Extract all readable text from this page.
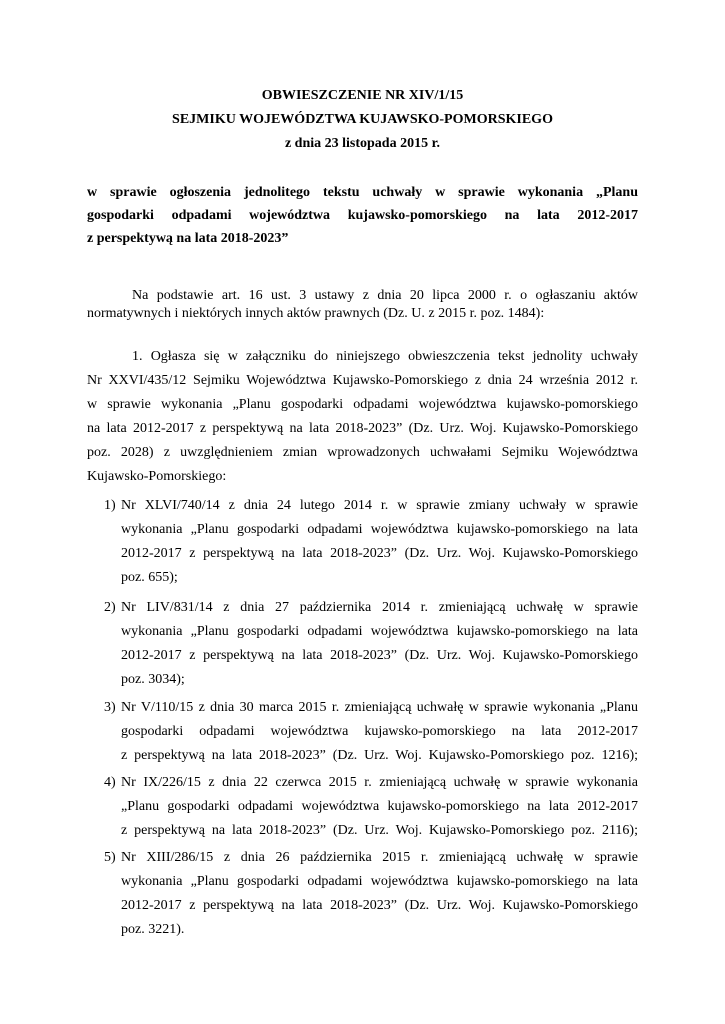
OBWIESZCZENIE NR XIV/1/15
SEJMIKU WOJEWÓDZTWA KUJAWSKO-POMORSKIEGO
z dnia 23 listopada 2015 r.
w sprawie ogłoszenia jednolitego tekstu uchwały w sprawie wykonania „Planu
gospodarki odpadami województwa kujawsko-pomorskiego na lata 2012-2017
z perspektywą na lata 2018-2023”
Na podstawie art. 16 ust. 3 ustawy z dnia 20 lipca 2000 r. o ogłaszaniu aktów normatywnych i niektórych innych aktów prawnych (Dz. U. z 2015 r. poz. 1484):
1. Ogłasza się w załączniku do niniejszego obwieszczenia tekst jednolity uchwały
Nr XXVI/435/12 Sejmiku Województwa Kujawsko-Pomorskiego z dnia 24 września 2012 r.
w sprawie wykonania „Planu gospodarki odpadami województwa kujawsko-pomorskiego
na lata 2012-2017 z perspektywą na lata 2018-2023” (Dz. Urz. Woj. Kujawsko-Pomorskiego
poz. 2028) z uwzględnieniem zmian wprowadzonych uchwałami Sejmiku Województwa
Kujawsko-Pomorskiego:
1) Nr XLVI/740/14 z dnia 24 lutego 2014 r. w sprawie zmiany uchwały w sprawie
wykonania „Planu gospodarki odpadami województwa kujawsko-pomorskiego na lata
2012-2017 z perspektywą na lata 2018-2023” (Dz. Urz. Woj. Kujawsko-Pomorskiego
poz. 655);
2) Nr LIV/831/14 z dnia 27 października 2014 r. zmieniającą uchwałę w sprawie
wykonania „Planu gospodarki odpadami województwa kujawsko-pomorskiego na lata
2012-2017 z perspektywą na lata 2018-2023” (Dz. Urz. Woj. Kujawsko-Pomorskiego
poz. 3034);
3) Nr V/110/15 z dnia 30 marca 2015 r. zmieniającą uchwałę w sprawie wykonania „Planu
gospodarki odpadami województwa kujawsko-pomorskiego na lata 2012-2017
z perspektywą na lata 2018-2023” (Dz. Urz. Woj. Kujawsko-Pomorskiego poz. 1216);
4) Nr IX/226/15 z dnia 22 czerwca 2015 r. zmieniającą uchwałę w sprawie wykonania
„Planu gospodarki odpadami województwa kujawsko-pomorskiego na lata 2012-2017
z perspektywą na lata 2018-2023” (Dz. Urz. Woj. Kujawsko-Pomorskiego poz. 2116);
5) Nr XIII/286/15 z dnia 26 października 2015 r. zmieniającą uchwałę w sprawie
wykonania „Planu gospodarki odpadami województwa kujawsko-pomorskiego na lata
2012-2017 z perspektywą na lata 2018-2023” (Dz. Urz. Woj. Kujawsko-Pomorskiego
poz. 3221).
